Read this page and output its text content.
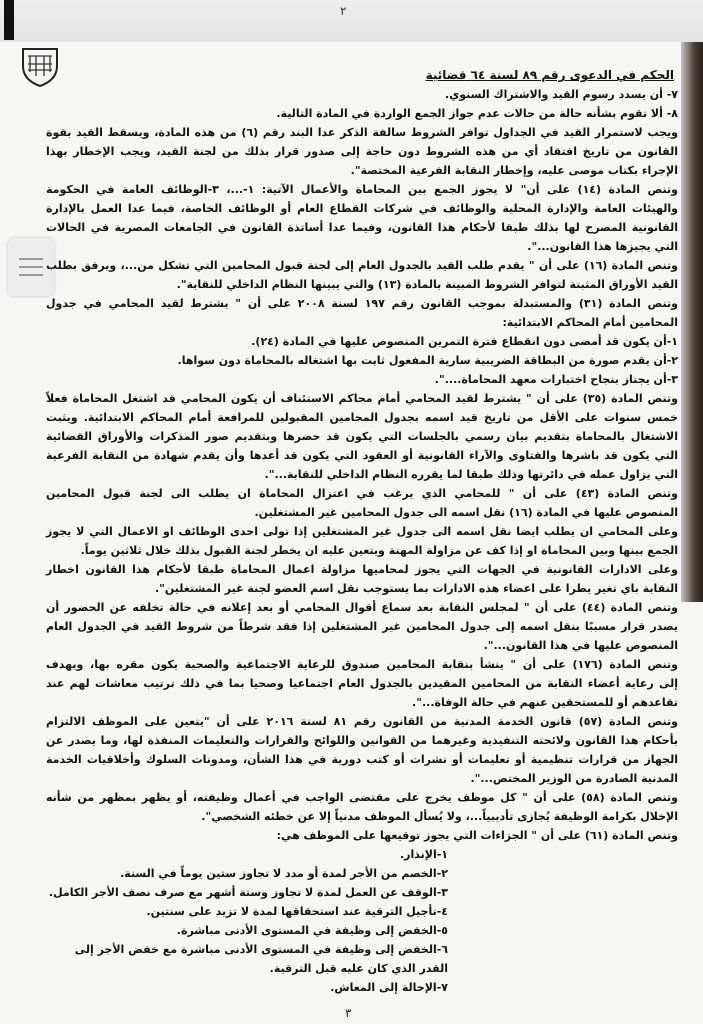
٢
الحكم في الدعوى رقم ٨٩ لسنة ٦٤ قضائية
٧- أن يسدد رسوم القيد والاشتراك السنوي.
٨- ألا تقوم بشأنه حالة من حالات عدم جواز الجمع الواردة في المادة التالية.
ويجب لاستمرار القيد في الجداول توافر الشروط سالفة الذكر عدا البند رقم (٦) من هذه المادة، ويسقط القيد بقوة
القانون من تاريخ افتقاد أي من هذه الشروط دون حاجة إلى صدور قرار بذلك من لجنة القيد، ويجب الإخطار بهذا
الإجراء بكتاب موصى عليه، وإخطار النقابة الفرعية المختصة".
وتنص المادة (١٤) على أن" لا يجوز الجمع بين المحاماة والأعمال الآتية: ١-...، ٣-الوظائف العامة في الحكومة
والهيئات العامة والإدارة المحلية والوظائف في شركات القطاع العام أو الوظائف الخاصة، فيما عدا العمل بالإدارة
القانونية المصرح لها بذلك طبقا لأحكام هذا القانون، وفيما عدا أساتذة القانون في الجامعات المصرية في الحالات
التي يجيزها هذا القانون...".
وتنص المادة (١٦) على أن " يقدم طلب القيد بالجدول العام إلى لجنة قبول المحامين التي تشكل من...، ويرفق بطلب
القيد الأوراق المثبتة لتوافر الشروط المبينة بالمادة (١٣) والتي يبينها النظام الداخلي للنقابة".
وتنص المادة (٣١) والمستبدلة بموجب القانون رقم ١٩٧ لسنة ٢٠٠٨ على أن " يشترط لقيد المحامي في جدول
المحامين أمام المحاكم الابتدائية:
١-أن يكون قد أمضى دون انقطاع فترة التمرين المنصوص عليها في المادة (٢٤).
٢-أن يقدم صورة من البطاقة الضريبية سارية المفعول ثابت بها اشتغاله بالمحاماة دون سواها.
٣-أن يجتاز بنجاح اختبارات معهد المحاماة....".
وتنص المادة (٣٥) على أن " يشترط لقيد المحامي أمام محاكم الاستئناف أن يكون المحامي قد اشتغل المحاماة فعلاً
خمس سنوات على الأقل من تاريخ قيد اسمه بجدول المحامين المقبولين للمرافعة أمام المحاكم الابتدائية. ويثبت
الاشتغال بالمحاماة بتقديم بيان رسمي بالجلسات التي يكون قد حضرها وبتقديم صور المذكرات والأوراق القضائية
التي يكون قد باشرها والفتاوى والآراء القانونية أو العقود التي يكون قد أعدها وأن يقدم شهادة من النقابة الفرعية
التي يزاول عمله في دائرتها وذلك طبقا لما يقرره النظام الداخلي للنقابة...".
وتنص المادة (٤٣) على أن " للمحامي الذي يرغب في اعتزال المحاماة ان يطلب الى لجنة قبول المحامين
المنصوص عليها في المادة (١٦) نقل اسمه الى جدول المحامين غير المشتغلين.
وعلى المحامي ان يطلب ايضا نقل اسمه الى جدول غير المشتغلين إذا تولى احدى الوظائف او الاعمال التي لا يجوز
الجمع بينها وبين المحاماة او إذا كف عن مزاولة المهنة ويتعين عليه ان يخطر لجنة القبول بذلك خلال ثلاثين يوماً.
وعلى الادارات القانونية في الجهات التي يجوز لمحاميها مزاولة اعمال المحاماة طبقا لأحكام هذا القانون اخطار
النقابة باي تغير يطرا على اعضاء هذه الادارات بما يستوجب نقل اسم العضو لجنة غير المشتغلين".
وتنص المادة (٤٤) على أن " لمجلس النقابة بعد سماع أقوال المحامي أو بعد إعلانه في حالة تخلفه عن الحضور أن
يصدر قرار مسببًا بنقل اسمه إلى جدول المحامين غير المشتغلين إذا فقد شرطاً من شروط القيد في الجدول العام
المنصوص عليها في هذا القانون...".
وتنص المادة (١٧٦) على أن " ينشأ بنقابة المحامين صندوق للرعاية الاجتماعية والصحية يكون مقره بها، ويهدف
إلى رعاية أعضاء النقابة من المحامين المقيدين بالجدول العام اجتماعيا وصحيا بما في ذلك ترتيب معاشات لهم عند
تقاعدهم أو للمستحقين عنهم في حالة الوفاة...".
وتنص المادة (٥٧) قانون الخدمة المدنية من القانون رقم ٨١ لسنة ٢٠١٦ على أن "يتعين على الموظف الالتزام
بأحكام هذا القانون ولائحته التنفيذية وغيرهما من القوانين واللوائح والقرارات والتعليمات المنفذة لها، وما يصدر عن
الجهاز من قرارات تنظيمية أو تعليمات أو نشرات أو كتب دورية في هذا الشأن، ومدونات السلوك وأخلاقيات الخدمة
المدنية الصادرة من الوزير المختص...".
وتنص المادة (٥٨) على أن " كل موظف يخرج على مقتضى الواجب في أعمال وظيفته، أو يظهر بمظهر من شأنه
الإخلال بكرامة الوظيفة يُجازى تأديبياً...، ولا يُسأل الموظف مدنياً إلا عن خطئه الشخصي".
وتنص المادة (٦١) على أن " الجزاءات التي يجوز توقيعها على الموظف هي:
١-الإنذار.
٢-الخصم من الأجر لمدة أو مدد لا تجاوز ستين يوماً في السنة.
٣-الوقف عن العمل لمدة لا تجاوز وستة أشهر مع صرف نصف الأجر الكامل.
٤-تأجيل الترقية عند استحقاقها لمدة لا تزيد على سنتين.
٥-الخفض إلى وظيفة في المستوى الأدنى مباشرة.
٦-الخفض إلى وظيفة في المستوى الأدنى مباشرة مع خفض الأجر إلى القدر الذي كان عليه قبل الترقية.
٧-الإحالة إلى المعاش.
٣
